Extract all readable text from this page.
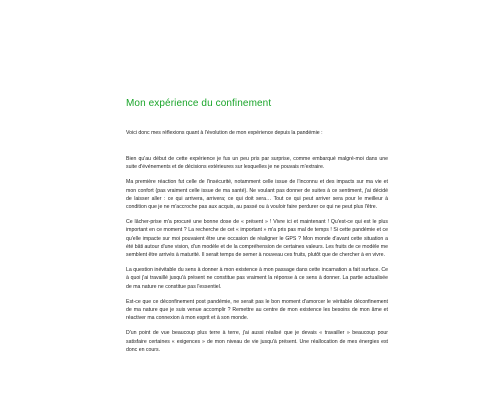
Mon expérience du confinement
Voici donc mes réflexions quant à l'évolution de mon expérience depuis la pandémie :

Bien qu'au début de cette expérience je fus un peu pris par surprise, comme embarqué malgré-moi dans une suite d'événements et de décisions extérieures sur lesquelles je ne pouvais m'extraire.

Ma première réaction fut celle de l'insécurité, notamment celle issue de l'inconnu et des impacts sur ma vie et mon confort (pas vraiment celle issue de ma santé). Ne voulant pas donner de suites à ce sentiment, j'ai décidé de laisser aller : ce qui arrivera, arrivera; ce qui doit sera… Tout ce qui peut arriver sera pour le meilleur à condition que je ne m'accroche pas aux acquis, au passé ou à vouloir faire perdurer ce qui ne peut plus l'être.

Ce lâcher-prise m'a procuré une bonne dose de « présent » ! Vivre ici et maintenant ! Qu'est-ce qui est le plus important en ce moment ? La recherche de cet « important » m'a pris pas mal de temps ! Si cette pandémie et ce qu'elle impacte sur moi pouvaient être une occasion de réaligner le GPS ? Mon monde d'avant cette situation a été bâti autour d'une vision, d'un modèle et de la compréhension de certaines valeurs. Les fruits de ce modèle me semblent être arrivés à maturité. Il serait temps de semer à nouveau ces fruits, plutôt que de chercher à en vivre.

La question inévitable du sens à donner à mon existence à mon passage dans cette incarnation a fait surface. Ce à quoi j'ai travaillé jusqu'à présent ne constitue pas vraiment la réponse à ce sens à donner. La partie actualisée de ma nature ne constitue pas l'essentiel.

Est-ce que ce déconfinement post pandémie, ne serait pas le bon moment d'amorcer le véritable déconfinement de ma nature que je suis venue accomplir ? Remettre au centre de mon existence les besoins de mon âme et réactiver ma connexion à mon esprit et à son monde.

D'un point de vue beaucoup plus terre à terre, j'ai aussi réalisé que je devais « travailler » beaucoup pour satisfaire certaines « exigences » de mon niveau de vie jusqu'à présent. Une réallocation de mes énergies est donc en cours.
